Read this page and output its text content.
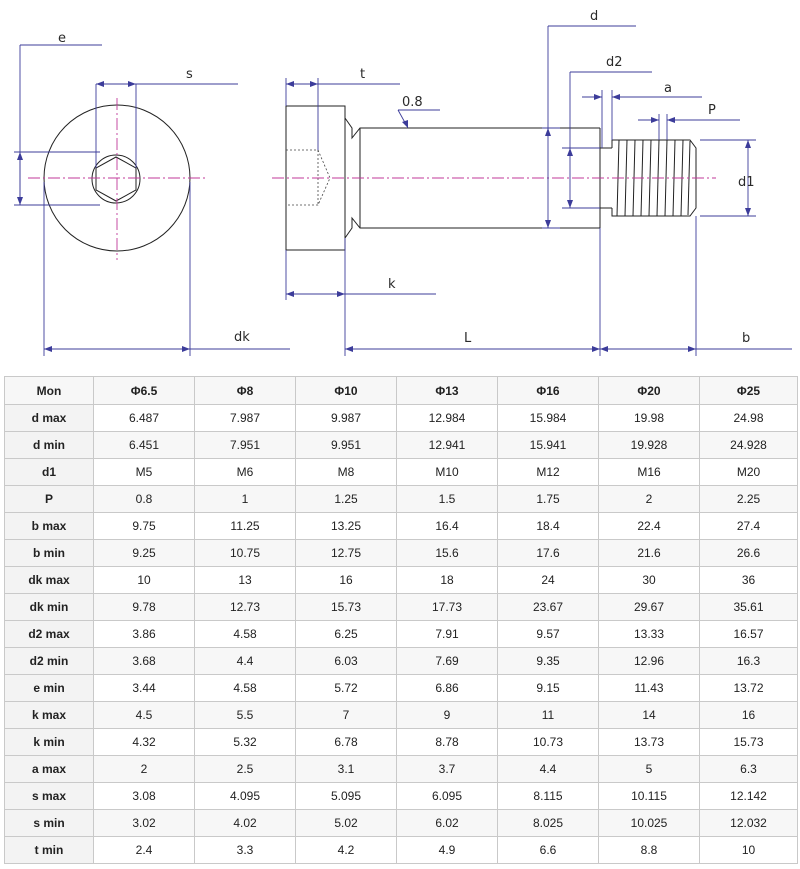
e
s
dk
t
0.8
d
d2
a
P
d1
k
L	b
Mon	Φ6.5	Φ8	Φ10	Φ13	Φ16	Φ20	Φ25
d max	6.487	7.987	9.987	12.984	15.984	19.98	24.98
d min	6.451	7.951	9.951	12.941	15.941	19.928	24.928
d1	M5	M6	M8	M10	M12	M16	M20
P	0.8	1	1.25	1.5	1.75	2	2.25
b max	9.75	11.25	13.25	16.4	18.4	22.4	27.4
b min	9.25	10.75	12.75	15.6	17.6	21.6	26.6
dk max	10	13	16	18	24	30	36
dk min	9.78	12.73	15.73	17.73	23.67	29.67	35.61
d2 max	3.86	4.58	6.25	7.91	9.57	13.33	16.57
d2 min	3.68	4.4	6.03	7.69	9.35	12.96	16.3
e min	3.44	4.58	5.72	6.86	9.15	11.43	13.72
k max	4.5	5.5	7	9	11	14	16
k min	4.32	5.32	6.78	8.78	10.73	13.73	15.73
a max	2	2.5	3.1	3.7	4.4	5	6.3
s max	3.08	4.095	5.095	6.095	8.115	10.115	12.142
s min	3.02	4.02	5.02	6.02	8.025	10.025	12.032
t min	2.4	3.3	4.2	4.9	6.6	8.8	10
